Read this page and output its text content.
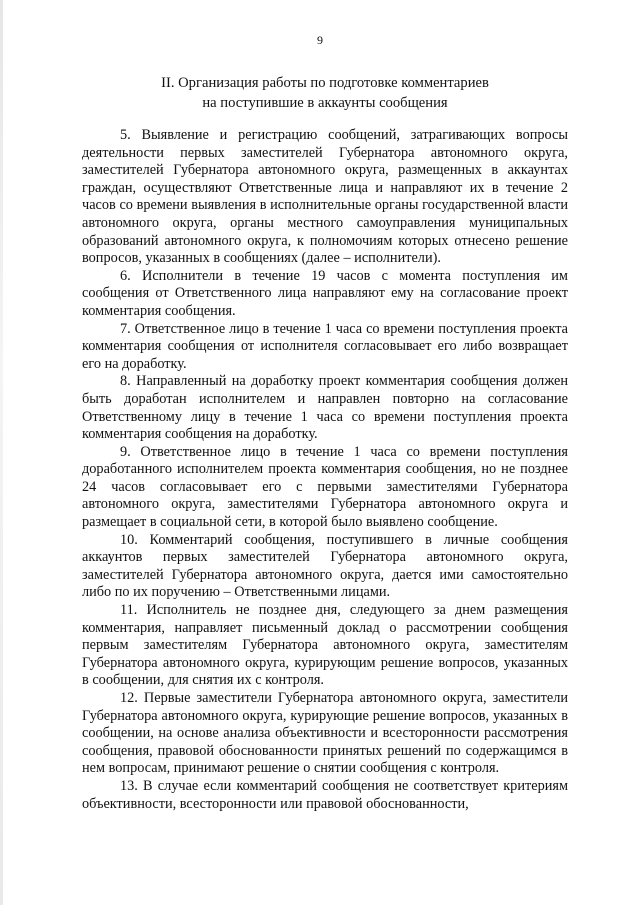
9
II. Организация работы по подготовке комментариев
на поступившие в аккаунты сообщения

5. Выявление и регистрацию сообщений, затрагивающих вопросы деятельности первых заместителей Губернатора автономного округа, заместителей Губернатора автономного округа, размещенных в аккаунтах граждан, осуществляют Ответственные лица и направляют их в течение 2 часов со времени выявления в исполнительные органы государственной власти автономного округа, органы местного самоуправления муниципальных образований автономного округа, к полномочиям которых отнесено решение вопросов, указанных в сообщениях (далее – исполнители).

6. Исполнители в течение 19 часов с момента поступления им сообщения от Ответственного лица направляют ему на согласование проект комментария сообщения.

7. Ответственное лицо в течение 1 часа со времени поступления проекта комментария сообщения от исполнителя согласовывает его либо возвращает его на доработку.

8. Направленный на доработку проект комментария сообщения должен быть доработан исполнителем и направлен повторно на согласование Ответственному лицу в течение 1 часа со времени поступления проекта комментария сообщения на доработку.

9. Ответственное лицо в течение 1 часа со времени поступления доработанного исполнителем проекта комментария сообщения, но не позднее 24 часов согласовывает его с первыми заместителями Губернатора автономного округа, заместителями Губернатора автономного округа и размещает в социальной сети, в которой было выявлено сообщение.

10. Комментарий сообщения, поступившего в личные сообщения аккаунтов первых заместителей Губернатора автономного округа, заместителей Губернатора автономного округа, дается ими самостоятельно либо по их поручению – Ответственными лицами.

11. Исполнитель не позднее дня, следующего за днем размещения комментария, направляет письменный доклад о рассмотрении сообщения первым заместителям Губернатора автономного округа, заместителям Губернатора автономного округа, курирующим решение вопросов, указанных в сообщении, для снятия их с контроля.

12. Первые заместители Губернатора автономного округа, заместители Губернатора автономного округа, курирующие решение вопросов, указанных в сообщении, на основе анализа объективности и всесторонности рассмотрения сообщения, правовой обоснованности принятых решений по содержащимся в нем вопросам, принимают решение о снятии сообщения с контроля.

13. В случае если комментарий сообщения не соответствует критериям объективности, всесторонности или правовой обоснованности,
